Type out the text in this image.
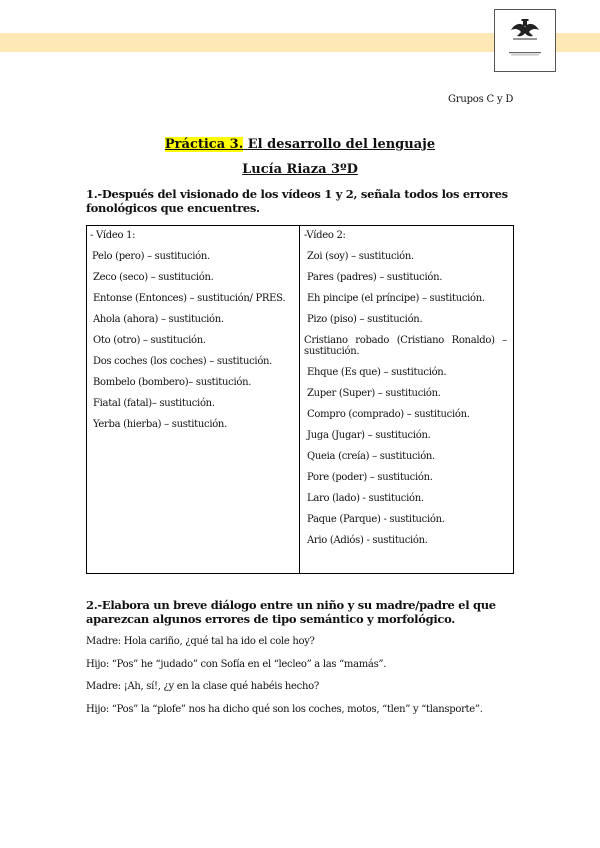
Grupos C y D
Práctica 3. El desarrollo del lenguaje
Lucía Riaza 3ºD
1.-Después del visionado de los vídeos 1 y 2, señala todos los errores fonológicos que encuentres.
- Vídeo 1:
Pelo (pero) – sustitución.
Zeco (seco) – sustitución.
Entonse (Entonces) – sustitución/ PRES.
Ahola (ahora) – sustitución.
Oto (otro) – sustitución.
Dos coches (los coches) – sustitución.
Bombelo (bombero)– sustitución.
Fiatal (fatal)– sustitución.
Yerba (hierba) – sustitución.
-Vídeo 2:
Zoi (soy) – sustitución.
Pares (padres) – sustitución.
Eh pincipe (el príncipe) – sustitución.
Pizo (piso) – sustitución.
Cristiano robado (Cristiano Ronaldo) – sustitución.
Ehque (Es que) – sustitución.
Zuper (Super) – sustitución.
Compro (comprado) – sustitución.
Juga (Jugar) – sustitución.
Queia (creía) – sustitución.
Pore (poder) – sustitución.
Laro (lado) - sustitución.
Paque (Parque) - sustitución.
Ario (Adiós) - sustitución.
2.-Elabora un breve diálogo entre un niño y su madre/padre el que aparezcan algunos errores de tipo semántico y morfológico.
Madre: Hola cariño, ¿qué tal ha ido el cole hoy?
Hijo: “Pos” he “judado” con Sofía en el “lecleo” a las “mamás”.
Madre: ¡Ah, sí!, ¿y en la clase qué habéis hecho?
Hijo: “Pos” la “plofe” nos ha dicho qué son los coches, motos, “tlen” y “tlansporte”.
